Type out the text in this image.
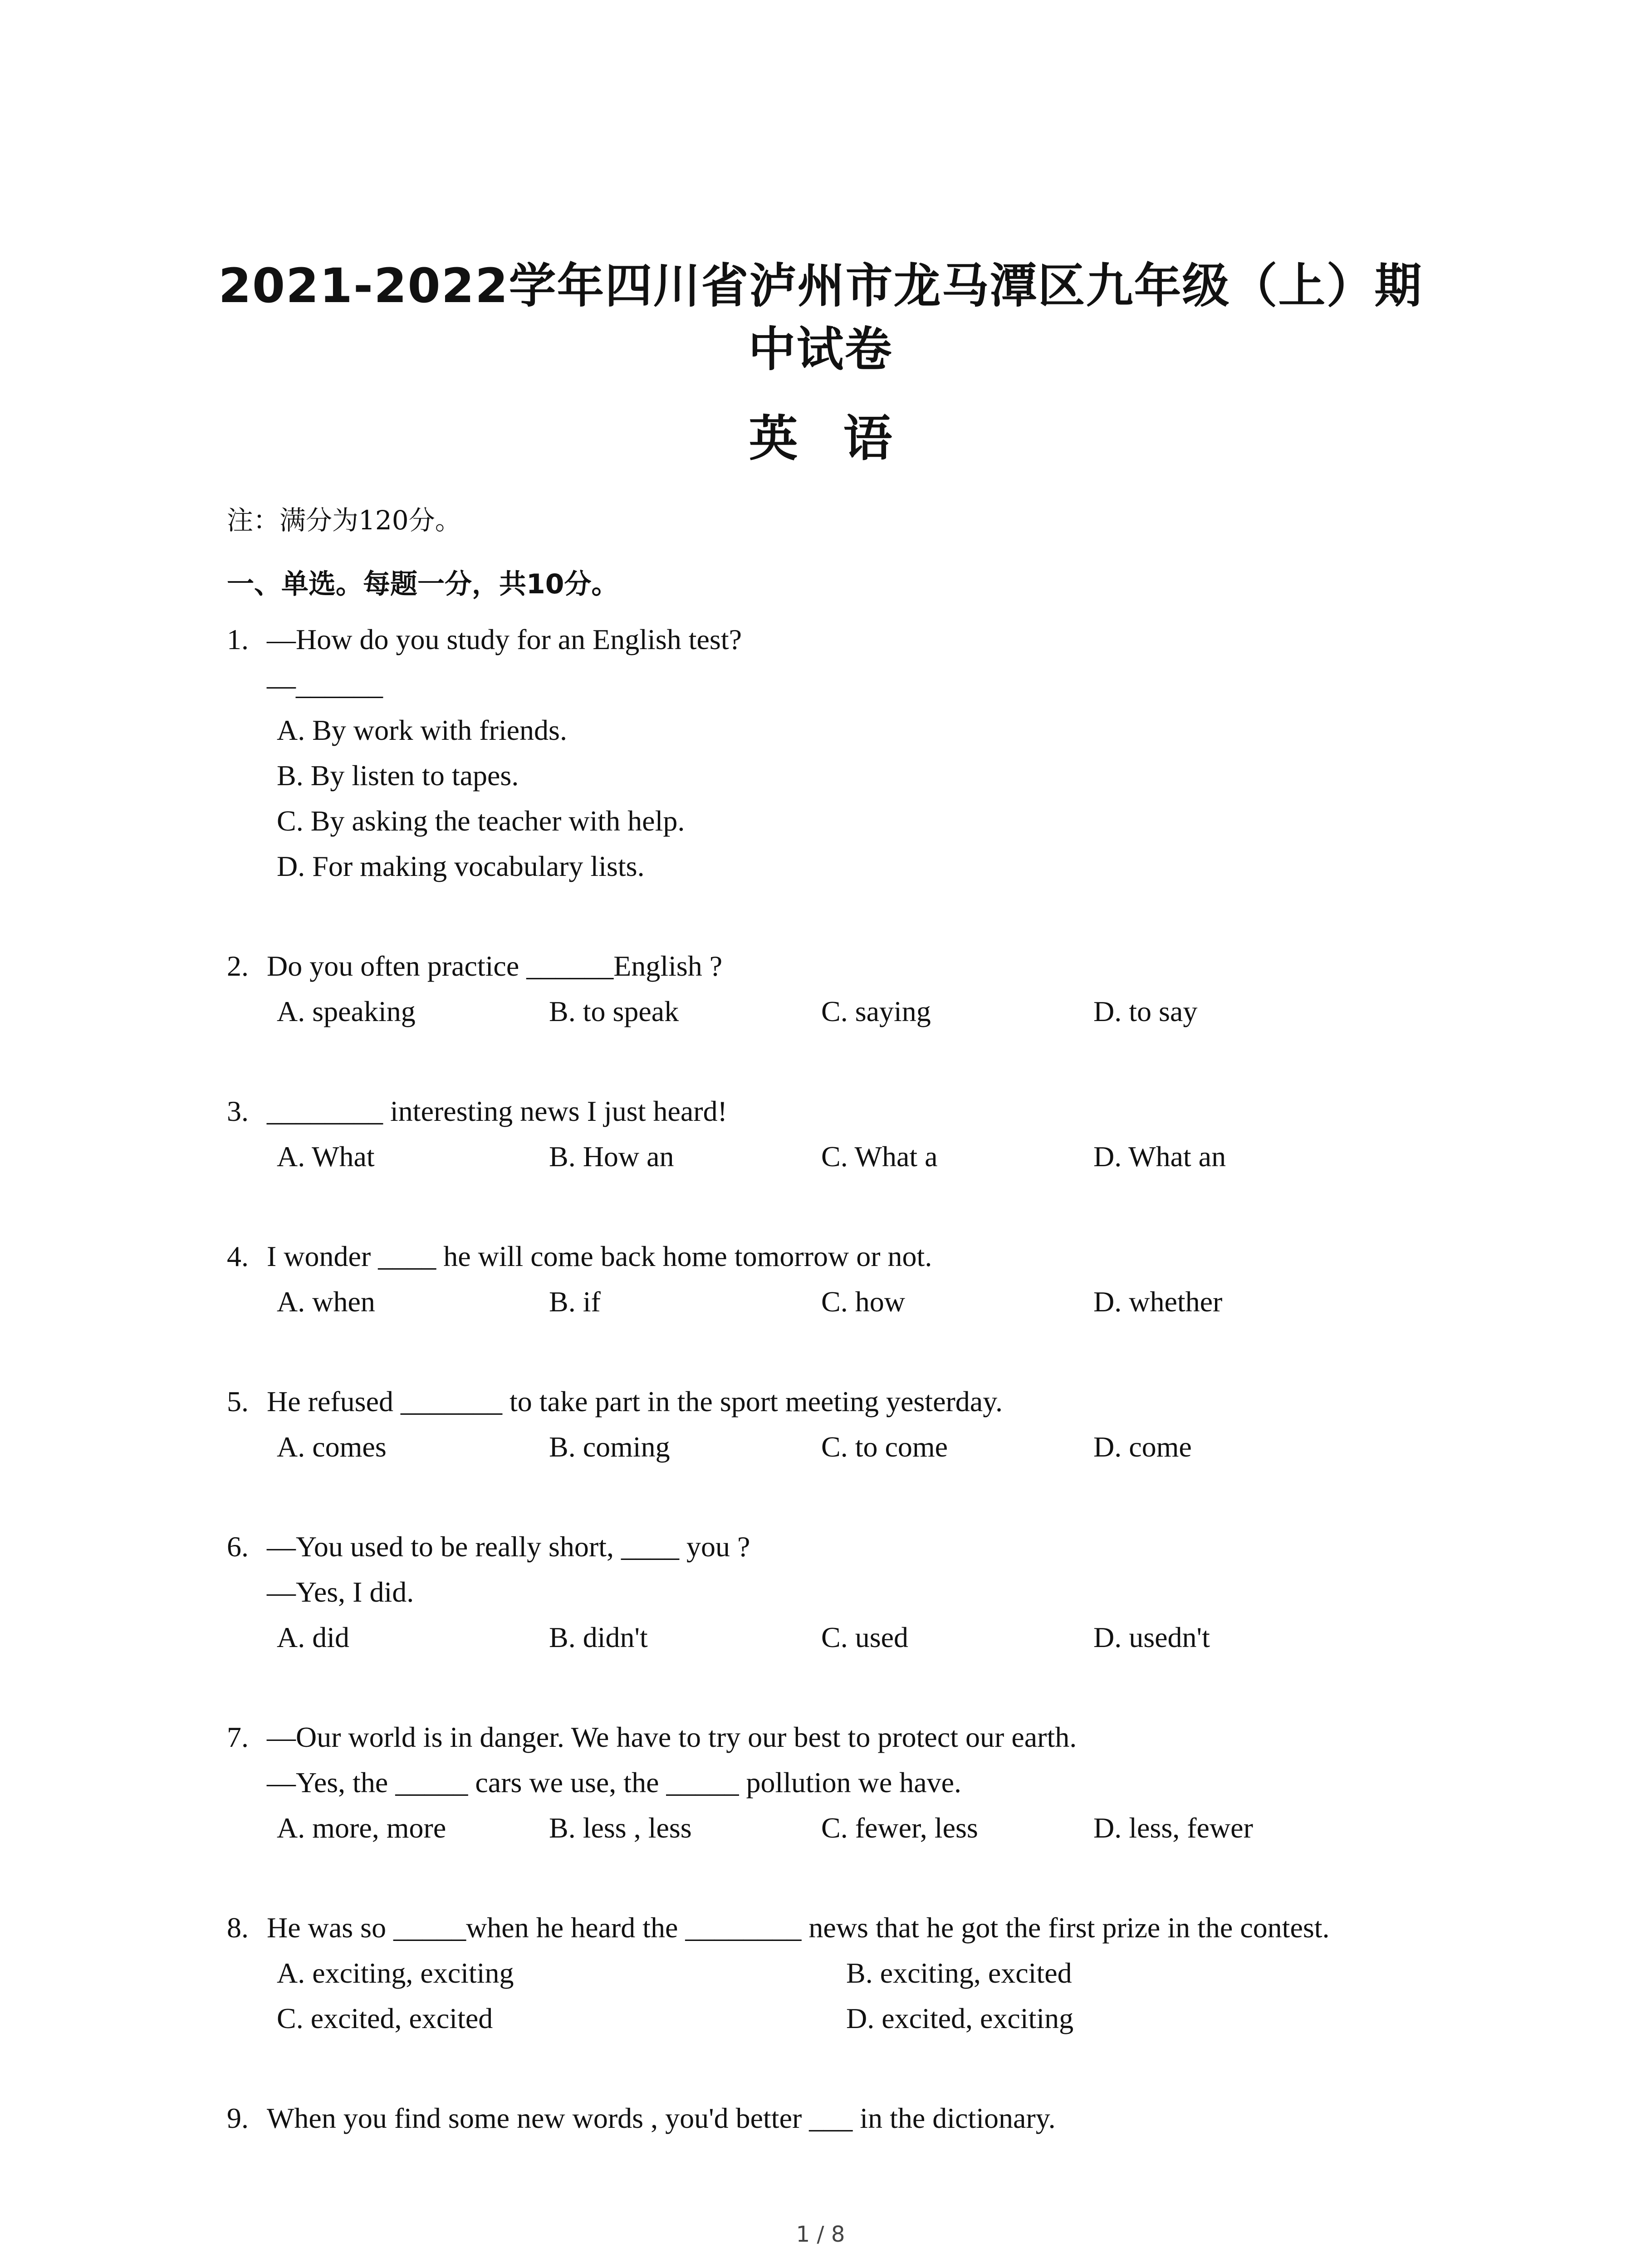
2021-2022学年四川省泸州市龙马潭区九年级（上）期中试卷
英语
注：满分为120分。
一、单选。每题一分，共10分。
1. —How do you study for an English test?
—______
A. By work with friends.
B. By listen to tapes.
C. By asking the teacher with help.
D. For making vocabulary lists.
2. Do you often practice ______English ?
A. speaking	B. to speak	C. saying	D. to say
3. ________ interesting news I just heard!
A. What	B. How an	C. What a	D. What an
4. I wonder ____ he will come back home tomorrow or not.
A. when	B. if	C. how	D. whether
5. He refused _______ to take part in the sport meeting yesterday.
A. comes	B. coming	C. to come	D. come
6. —You used to be really short, ____ you ?
—Yes, I did.
A. did	B. didn't	C. used	D. usedn't
7. —Our world is in danger. We have to try our best to protect our earth.
—Yes, the _____ cars we use, the _____ pollution we have.
A. more, more	B. less , less	C. fewer, less	D. less, fewer
8. He was so _____when he heard the ________ news that he got the first prize in the contest.
A. exciting, exciting	B. exciting, excited
C. excited, excited	D. excited, exciting
9. When you find some new words , you'd better ___ in the dictionary.
1 / 8
